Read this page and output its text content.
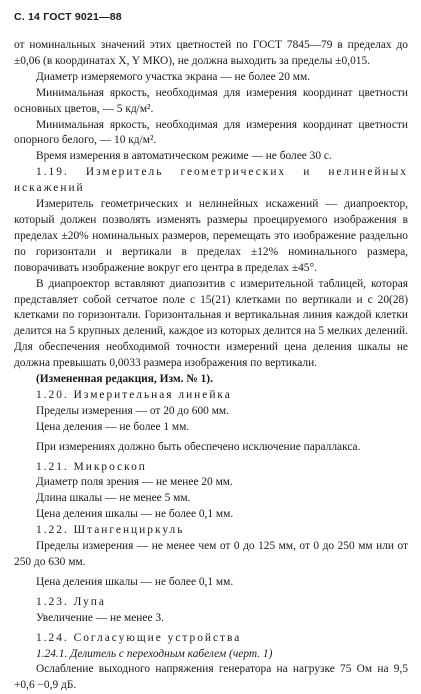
С. 14 ГОСТ 9021—88

от номинальных значений этих цветностей по ГОСТ 7845—79 в пределах до ±0,06 (в координатах X, Y МКО), не должна выходить за пределы ±0,015.

Диаметр измеряемого участка экрана — не более 20 мм.

Минимальная яркость, необходимая для измерения координат цветности основных цветов, — 5 кд/м².

Минимальная яркость, необходимая для измерения координат цветности опорного белого, — 10 кд/м².

Время измерения в автоматическом режиме — не более 30 с.

1.19. Измеритель геометрических и нелинейных искажений

Измеритель геометрических и нелинейных искажений — диапроектор, который должен позволять изменять размеры проецируемого изображения в пределах ±20% номинальных размеров, перемещать это изображение раздельно по горизонтали и вертикали в пределах ±12% номинального размера, поворачивать изображение вокруг его центра в пределах ±45°.

В диапроектор вставляют диапозитив с измерительной таблицей, которая представляет собой сетчатое поле с 15(21) клетками по вертикали и с 20(28) клетками по горизонтали. Горизонтальная и вертикальная линия каждой клетки делится на 5 крупных делений, каждое из которых делится на 5 мелких делений. Для обеспечения необходимой точности измерений цена деления шкалы не должна превышать 0,0033 размера изображения по вертикали.

(Измененная редакция, Изм. № 1).

1.20. Измерительная линейка

Пределы измерения — от 20 до 600 мм.

Цена деления — не более 1 мм.

При измерениях должно быть обеспечено исключение параллакса.

1.21. Микроскоп

Диаметр поля зрения — не менее 20 мм.

Длина шкалы — не менее 5 мм.

Цена деления шкалы — не более 0,1 мм.

1.22. Штангенциркуль

Пределы измерения — не менее чем от 0 до 125 мм, от 0 до 250 мм или от 250 до 630 мм.

Цена деления шкалы — не более 0,1 мм.

1.23. Лупа

Увеличение — не менее 3.

1.24. Согласующие устройства

1.24.1. Делитель с переходным кабелем (черт. 1)

Ослабление выходного напряжения генератора на нагрузке 75 Ом на 9,5 +0,6 −0,9 дБ.
